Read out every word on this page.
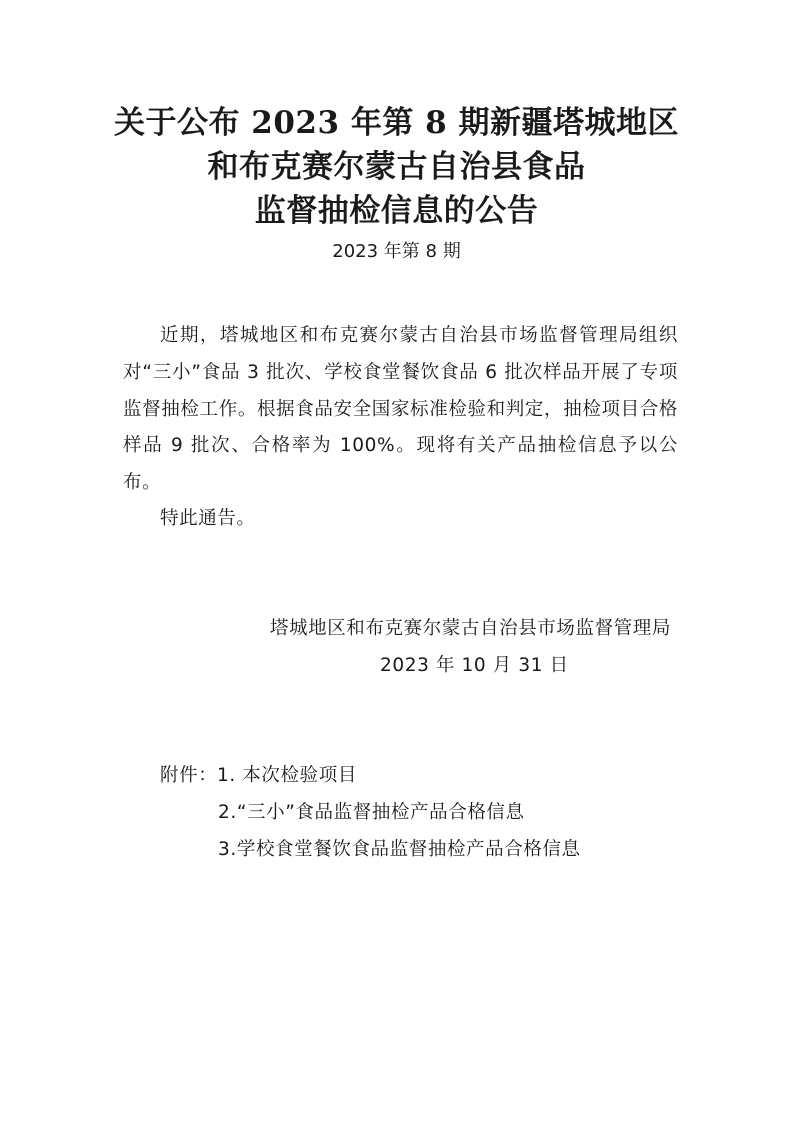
关于公布 2023 年第 8 期新疆塔城地区
和布克赛尔蒙古自治县食品
监督抽检信息的公告
2023 年第 8 期

近期，塔城地区和布克赛尔蒙古自治县市场监督管理局组织对“三小”食品 3 批次、学校食堂餐饮食品 6 批次样品开展了专项监督抽检工作。根据食品安全国家标准检验和判定，抽检项目合格样品 9 批次、合格率为 100%。现将有关产品抽检信息予以公布。

特此通告。
塔城地区和布克赛尔蒙古自治县市场监督管理局
2023 年 10 月 31 日
附件： 1. 本次检验项目
2.“三小”食品监督抽检产品合格信息
3.学校食堂餐饮食品监督抽检产品合格信息
